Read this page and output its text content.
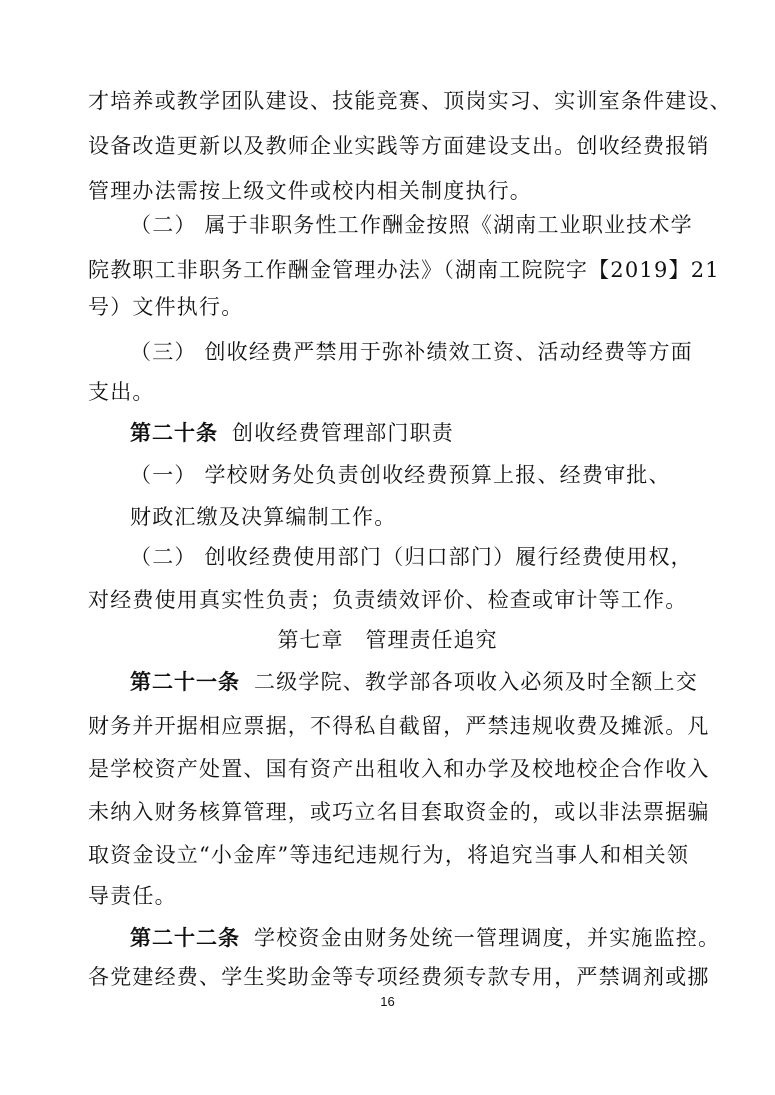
才培养或教学团队建设、技能竞赛、顶岗实习、实训室条件建设、
设备改造更新以及教师企业实践等方面建设支出。创收经费报销
管理办法需按上级文件或校内相关制度执行。
（二） 属于非职务性工作酬金按照《湖南工业职业技术学
院教职工非职务工作酬金管理办法》（湖南工院院字【2019】21
号）文件执行。
（三） 创收经费严禁用于弥补绩效工资、活动经费等方面
支出。
第二十条 创收经费管理部门职责
（一） 学校财务处负责创收经费预算上报、经费审批、
财政汇缴及决算编制工作。
（二） 创收经费使用部门（归口部门）履行经费使用权，
对经费使用真实性负责；负责绩效评价、检查或审计等工作。
第七章　管理责任追究
第二十一条 二级学院、教学部各项收入必须及时全额上交
财务并开据相应票据，不得私自截留，严禁违规收费及摊派。凡
是学校资产处置、国有资产出租收入和办学及校地校企合作收入
未纳入财务核算管理，或巧立名目套取资金的，或以非法票据骗
取资金设立“小金库”等违纪违规行为，将追究当事人和相关领
导责任。
第二十二条 学校资金由财务处统一管理调度，并实施监控。
各党建经费、学生奖助金等专项经费须专款专用，严禁调剂或挪
16
